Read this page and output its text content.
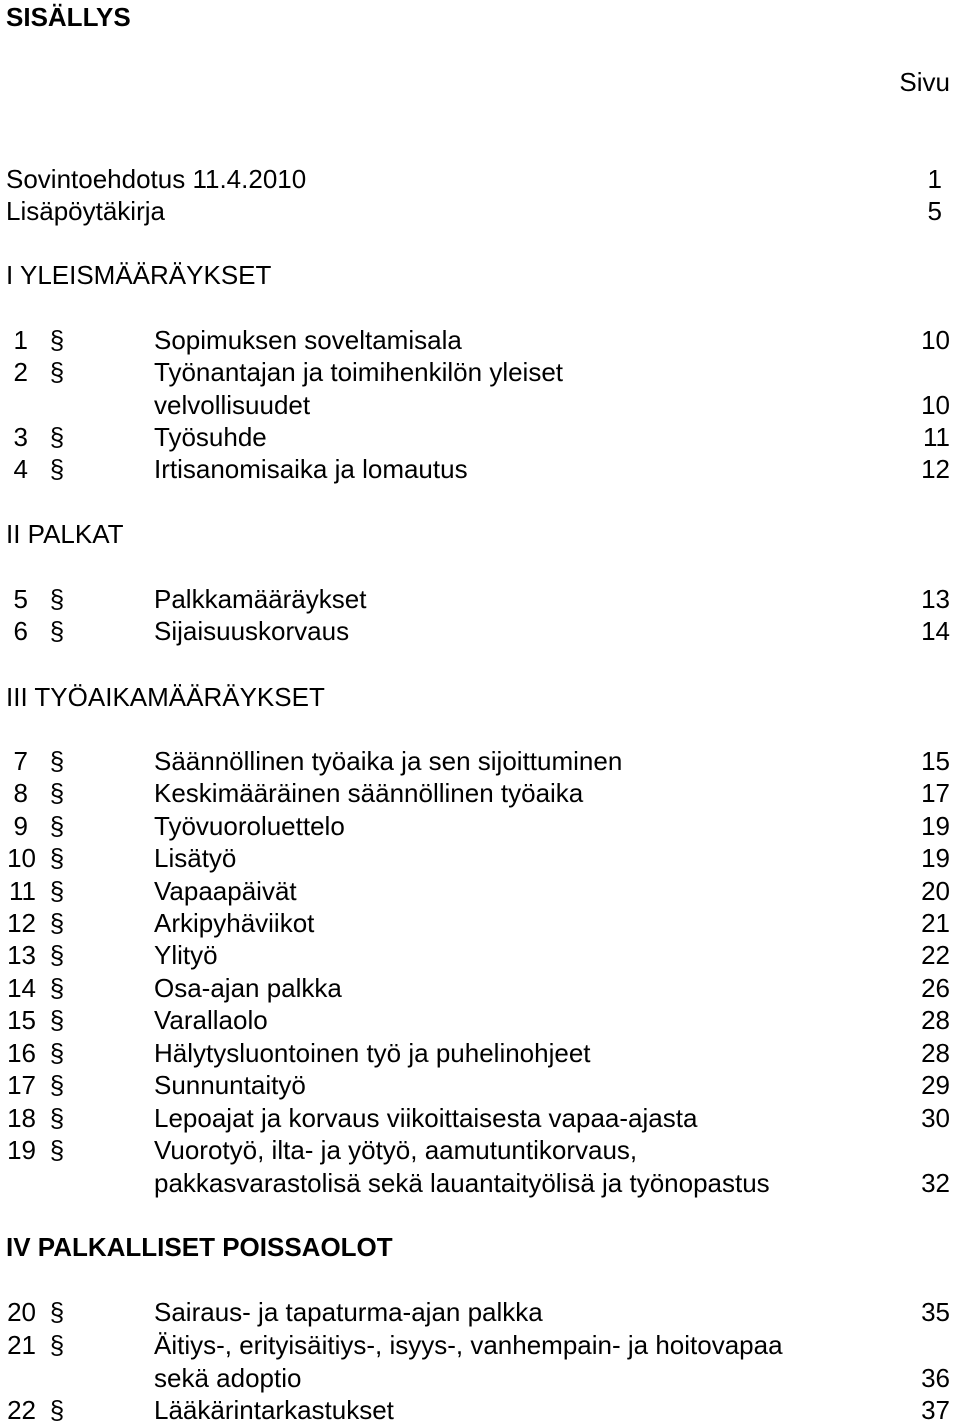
SISÄLLYS
Sivu
Sovintoehdotus 11.4.2010	1
Lisäpöytäkirja	5
I YLEISMÄÄRÄYKSET
II PALKAT
III TYÖAIKAMÄÄRÄYKSET
IV PALKALLISET POISSAOLOT
1 §	Sopimuksen soveltamisala	10
2 §	Työnantajan ja toimihenkilön yleiset
velvollisuudet	10
3 §	Työsuhde	11
4 §	Irtisanomisaika ja lomautus	12
5 §	Palkkamääräykset	13
6 §	Sijaisuuskorvaus	14
7 §	Säännöllinen työaika ja sen sijoittuminen	15
8 §	Keskimääräinen säännöllinen työaika	17
9 §	Työvuoroluettelo	19
10 §	Lisätyö	19
11 §	Vapaapäivät	20
12 §	Arkipyhäviikot	21
13 §	Ylityö	22
14 §	Osa-ajan palkka	26
15 §	Varallaolo	28
16 §	Hälytysluontoinen työ ja puhelinohjeet	28
17 §	Sunnuntaityö	29
18 §	Lepoajat ja korvaus viikoittaisesta vapaa-ajasta	30
19 §	Vuorotyö, ilta- ja yötyö, aamutuntikorvaus,
pakkasvarastolisä sekä lauantaityölisä ja työnopastus	32
20 §	Sairaus- ja tapaturma-ajan palkka	35
21 §	Äitiys-, erityisäitiys-, isyys-, vanhempain- ja hoitovapaa
sekä adoptio	36
22 §	Lääkärintarkastukset	37
